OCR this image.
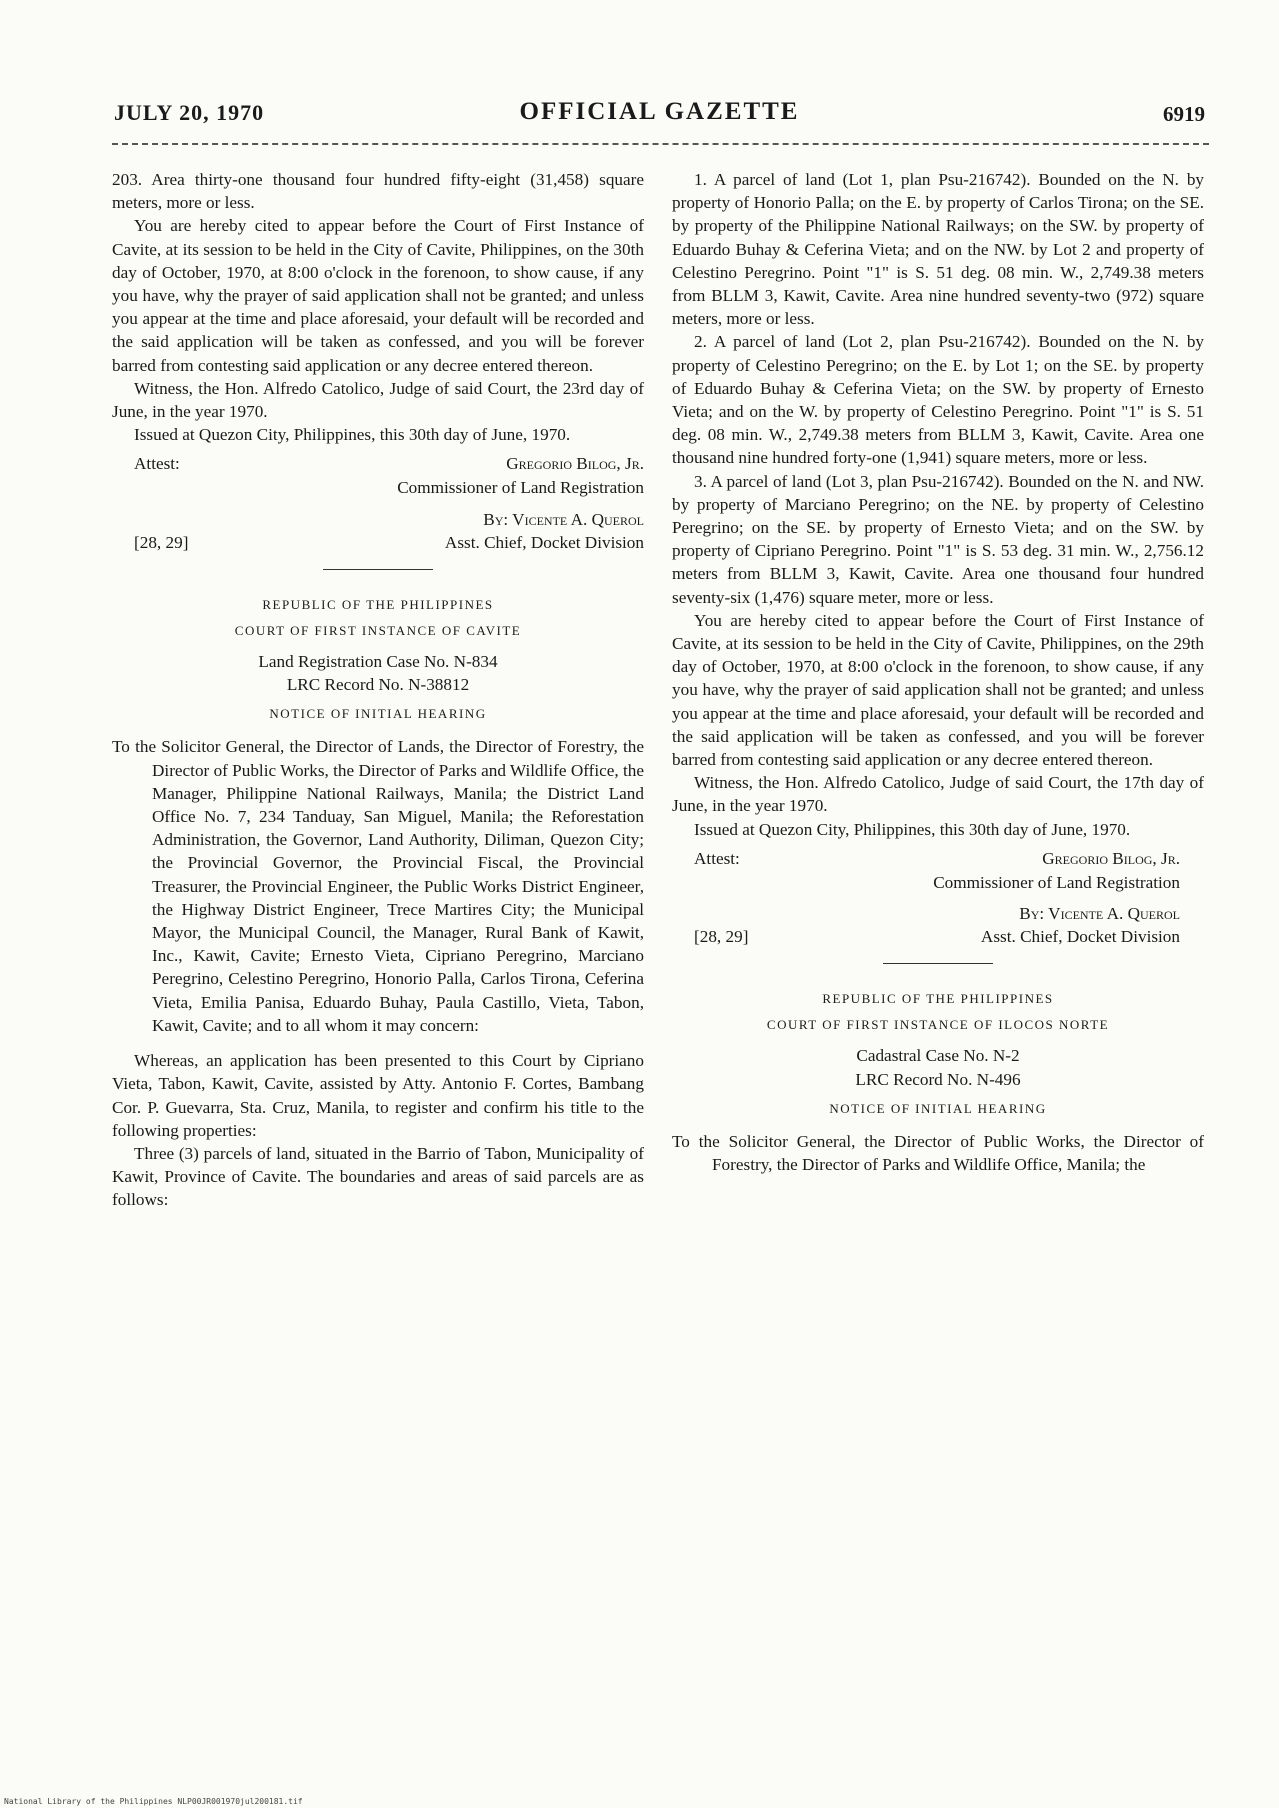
JULY 20, 1970	OFFICIAL GAZETTE	6919

203. Area thirty-one thousand four hundred fifty-eight (31,458) square meters, more or less.

You are hereby cited to appear before the Court of First Instance of Cavite, at its session to be held in the City of Cavite, Philippines, on the 30th day of October, 1970, at 8:00 o'clock in the forenoon, to show cause, if any you have, why the prayer of said application shall not be granted; and unless you appear at the time and place aforesaid, your default will be recorded and the said application will be taken as confessed, and you will be forever barred from contesting said application or any decree entered thereon.

Witness, the Hon. Alfredo Catolico, Judge of said Court, the 23rd day of June, in the year 1970.

Issued at Quezon City, Philippines, this 30th day of June, 1970.

Attest:	Gregorio Bilog, Jr.
Commissioner of Land Registration
By: Vicente A. Querol
[28, 29]	Asst. Chief, Docket Division
REPUBLIC OF THE PHILIPPINES
COURT OF FIRST INSTANCE OF CAVITE
Land Registration Case No. N-834
LRC Record No. N-38812
NOTICE OF INITIAL HEARING

To the Solicitor General, the Director of Lands, the Director of Forestry, the Director of Public Works, the Director of Parks and Wildlife Office, the Manager, Philippine National Railways, Manila; the District Land Office No. 7, 234 Tanduay, San Miguel, Manila; the Reforestation Administration, the Governor, Land Authority, Diliman, Quezon City; the Provincial Governor, the Provincial Fiscal, the Provincial Treasurer, the Provincial Engineer, the Public Works District Engineer, the Highway District Engineer, Trece Martires City; the Municipal Mayor, the Municipal Council, the Manager, Rural Bank of Kawit, Inc., Kawit, Cavite; Ernesto Vieta, Cipriano Peregrino, Marciano Peregrino, Celestino Peregrino, Honorio Palla, Carlos Tirona, Ceferina Vieta, Emilia Panisa, Eduardo Buhay, Paula Castillo, Vieta, Tabon, Kawit, Cavite; and to all whom it may concern:

Whereas, an application has been presented to this Court by Cipriano Vieta, Tabon, Kawit, Cavite, assisted by Atty. Antonio F. Cortes, Bambang Cor. P. Guevarra, Sta. Cruz, Manila, to register and confirm his title to the following properties:

Three (3) parcels of land, situated in the Barrio of Tabon, Municipality of Kawit, Province of Cavite. The boundaries and areas of said parcels are as follows:

1. A parcel of land (Lot 1, plan Psu-216742). Bounded on the N. by property of Honorio Palla; on the E. by property of Carlos Tirona; on the SE. by property of the Philippine National Railways; on the SW. by property of Eduardo Buhay & Ceferina Vieta; and on the NW. by Lot 2 and property of Celestino Peregrino. Point "1" is S. 51 deg. 08 min. W., 2,749.38 meters from BLLM 3, Kawit, Cavite. Area nine hundred seventy-two (972) square meters, more or less.

2. A parcel of land (Lot 2, plan Psu-216742). Bounded on the N. by property of Celestino Peregrino; on the E. by Lot 1; on the SE. by property of Eduardo Buhay & Ceferina Vieta; on the SW. by property of Ernesto Vieta; and on the W. by property of Celestino Peregrino. Point "1" is S. 51 deg. 08 min. W., 2,749.38 meters from BLLM 3, Kawit, Cavite. Area one thousand nine hundred forty-one (1,941) square meters, more or less.

3. A parcel of land (Lot 3, plan Psu-216742). Bounded on the N. and NW. by property of Marciano Peregrino; on the NE. by property of Celestino Peregrino; on the SE. by property of Ernesto Vieta; and on the SW. by property of Cipriano Peregrino. Point "1" is S. 53 deg. 31 min. W., 2,756.12 meters from BLLM 3, Kawit, Cavite. Area one thousand four hundred seventy-six (1,476) square meter, more or less.

You are hereby cited to appear before the Court of First Instance of Cavite, at its session to be held in the City of Cavite, Philippines, on the 29th day of October, 1970, at 8:00 o'clock in the forenoon, to show cause, if any you have, why the prayer of said application shall not be granted; and unless you appear at the time and place aforesaid, your default will be recorded and the said application will be taken as confessed, and you will be forever barred from contesting said application or any decree entered thereon.

Witness, the Hon. Alfredo Catolico, Judge of said Court, the 17th day of June, in the year 1970.

Issued at Quezon City, Philippines, this 30th day of June, 1970.

Attest:	Gregorio Bilog, Jr.
Commissioner of Land Registration
By: Vicente A. Querol
[28, 29]	Asst. Chief, Docket Division
REPUBLIC OF THE PHILIPPINES
COURT OF FIRST INSTANCE OF ILOCOS NORTE
Cadastral Case No. N-2
LRC Record No. N-496
NOTICE OF INITIAL HEARING

To the Solicitor General, the Director of Public Works, the Director of Forestry, the Director of Parks and Wildlife Office, Manila; the

National Library of the Philippines NLP00JR001970jul200181.tif
